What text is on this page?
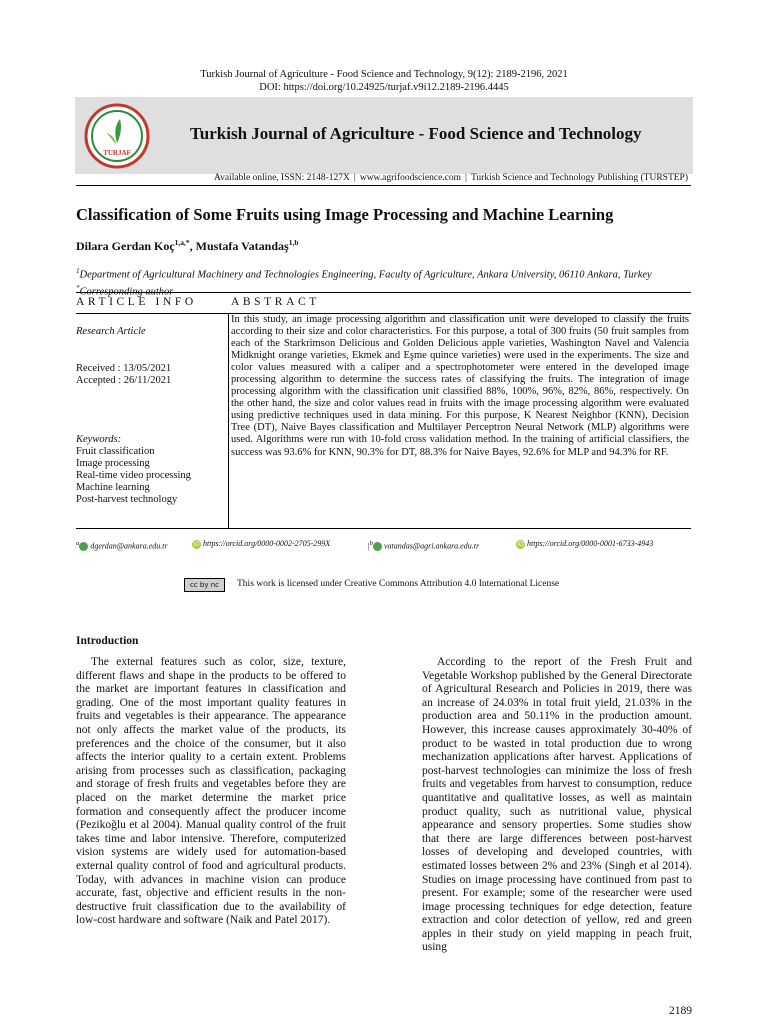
Turkish Journal of Agriculture - Food Science and Technology, 9(12): 2189-2196, 2021
DOI: https://doi.org/10.24925/turjaf.v9i12.2189-2196.4445
TURJAF
Turkish Journal of Agriculture - Food Science and Technology
Available online, ISSN: 2148-127X | www.agrifoodscience.com | Turkish Science and Technology Publishing (TURSTEP)
Classification of Some Fruits using Image Processing and Machine Learning
Dilara Gerdan Koç$^{1,a,*}$, Mustafa Vatandaş$^{1,b}$
$^1$Department of Agricultural Machinery and Technologies Engineering, Faculty of Agriculture, Ankara University, 06110 Ankara, Turkey
*
ARTICLE INFO	ABSTRACT
Research Article
Received : 13/05/2021
Accepted : 26/11/2021
Keywords:
Fruit classification
Image processing
Real-time video processing
Machine learning
Post-harvest technology
In this study, an image processing algorithm and classification unit were developed to classify the fruits according to their size and color characteristics. For this purpose, a total of 300 fruits (50 fruit samples from each of the Starkrimson Delicious and Golden Delicious apple varieties, Washington Navel and Valencia Midknight orange varieties, Ekmek and Eşme quince varieties) were used in the experiments. The size and color values measured with a caliper and a spectrophotometer were entered in the developed image processing algorithm to determine the success rates of classifying the fruits. The integration of image processing algorithm with the classification unit classified 88%, 100%, 96%, 82%, 86%, respectively. On the other hand, the size and color values read in fruits with the image processing algorithm were evaluated using predictive techniques used in data mining. For this purpose, K Nearest Neighbor (KNN), Decision Tree (DT), Naive Bayes classification and Multilayer Perceptron Neural Network (MLP) algorithms were used. Algorithms were run with 10-fold cross validation method. In the training of artificial classifiers, the success was 93.6% for KNN, 90.3% for DT, 88.3% for Naive Bayes, 92.6% for MLP and 94.3% for RF.
$^a$ dgerdan@ankara.edu.tr	iD https://orcid.org/0000-0002-2705-299X	$|^b$ vatandas@agri.ankara.edu.tr	iD https://orcid.org/0000-0001-6733-4943
cc by nc	This work is licensed under Creative Commons Attribution 4.0 International License
Introduction

The external features such as color, size, texture, different flaws and shape in the products to be offered to the market are important features in classification and grading. One of the most important quality features in fruits and vegetables is their appearance. The appearance not only affects the market value of the products, its preferences and the choice of the consumer, but it also affects the interior quality to a certain extent. Problems arising from processes such as classification, packaging and storage of fresh fruits and vegetables before they are placed on the market determine the market price formation and consequently affect the producer income (Pezikoğlu et al 2004). Manual quality control of the fruit takes time and labor intensive. Therefore, computerized vision systems are widely used for automation-based external quality control of food and agricultural products. Today, with advances in machine vision can produce accurate, fast, objective and efficient results in the non-destructive fruit classification due to the availability of low-cost hardware and software (Naik and Patel 2017).

According to the report of the Fresh Fruit and Vegetable Workshop published by the General Directorate of Agricultural Research and Policies in 2019, there was an increase of 24.03% in total fruit yield, 21.03% in the production area and 50.11% in the production amount. However, this increase causes approximately 30-40% of product to be wasted in total production due to wrong mechanization applications after harvest. Applications of post-harvest technologies can minimize the loss of fresh fruits and vegetables from harvest to consumption, reduce quantitative and qualitative losses, as well as maintain product quality, such as nutritional value, physical appearance and sensory properties. Some studies show that there are large differences between post-harvest losses of developing and developed countries, with estimated losses between 2% and 23% (Singh et al 2014). Studies on image processing have continued from past to present. For example; some of the researcher were used image processing techniques for edge detection, feature extraction and color detection of yellow, red and green apples in their study on yield mapping in peach fruit, using

2189
